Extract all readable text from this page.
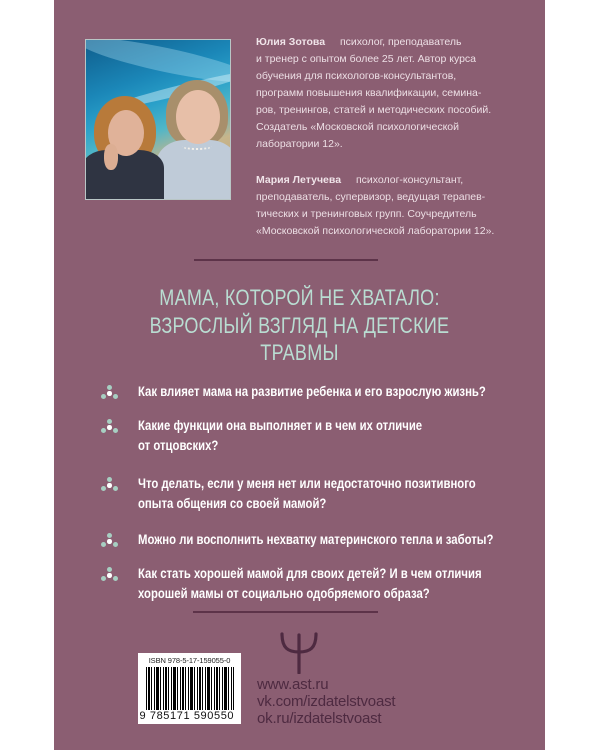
Юлия Зотова психолог, преподаватель
и тренер с опытом более 25 лет. Автор курса
обучения для психологов-консультантов,
программ повышения квалификации, семина-
ров, тренингов, статей и методических пособий.
Создатель «Московской психологической
лаборатории 12».
Мария Летучева психолог-консультант,
преподаватель, супервизор, ведущая терапев-
тических и тренинговых групп. Соучредитель
«Московской психологической лаборатории 12».
МАМА, КОТОРОЙ НЕ ХВАТАЛО:
ВЗРОСЛЫЙ ВЗГЛЯД НА ДЕТСКИЕ
ТРАВМЫ
Как влияет мама на развитие ребенка и его взрослую жизнь?
Какие функции она выполняет и в чем их отличие
от отцовских?
Что делать, если у меня нет или недостаточно позитивного
опыта общения со своей мамой?
Можно ли восполнить нехватку материнского тепла и заботы?
Как стать хорошей мамой для своих детей? И в чем отличия
хорошей мамы от социально одобряемого образа?
ISBN 978-5-17-159055-0
9 785171 590550
www.ast.ru
vk.com/izdatelstvoast
ok.ru/izdatelstvoast
